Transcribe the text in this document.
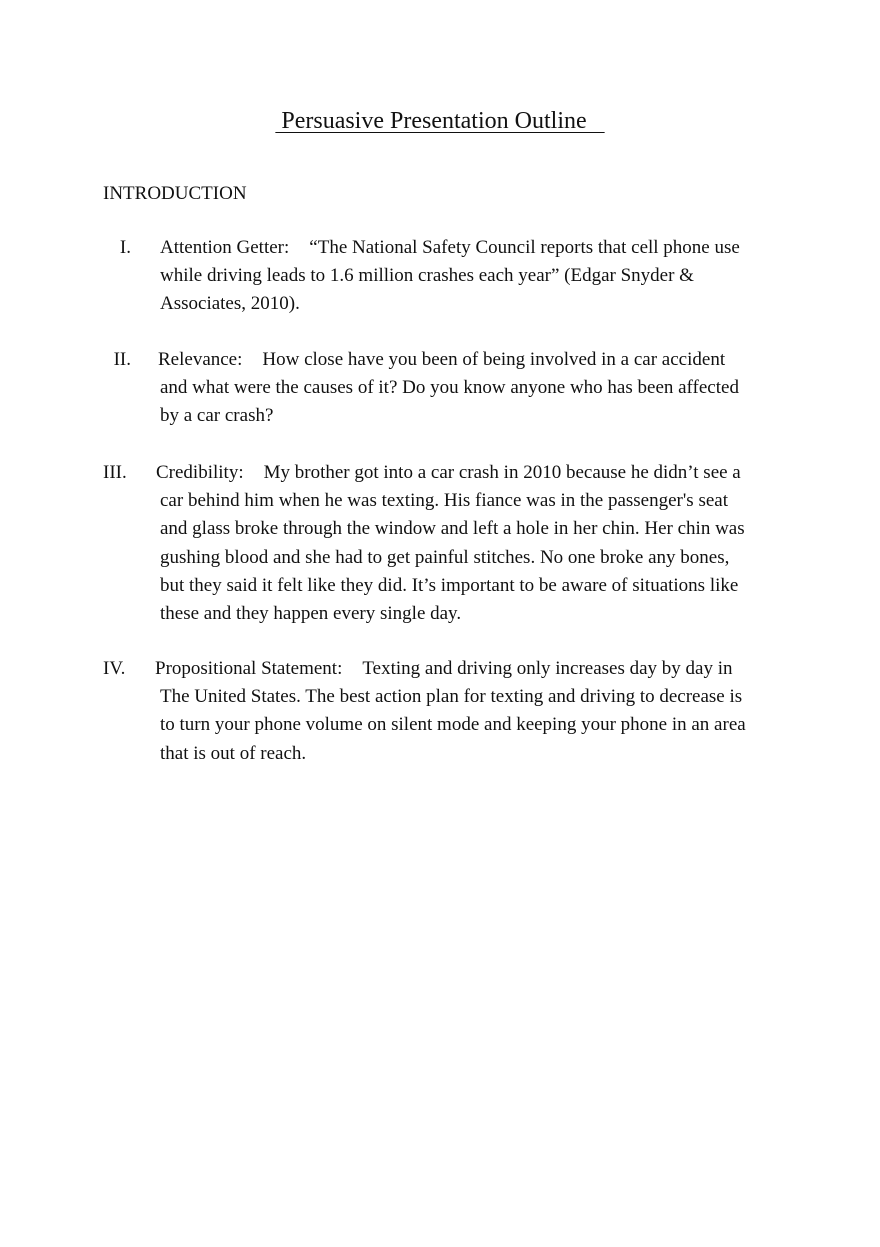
Persuasive Presentation Outline
INTRODUCTION
I.	Attention Getter: “The National Safety Council reports that cell phone use
while driving leads to 1.6 million crashes each year” (Edgar Snyder &
Associates, 2010).
II.	Relevance: How close have you been of being involved in a car accident
and what were the causes of it? Do you know anyone who has been affected
by a car crash?
III.	Credibility: My brother got into a car crash in 2010 because he didn’t see a
car behind him when he was texting. His fiance was in the passenger's seat
and glass broke through the window and left a hole in her chin. Her chin was
gushing blood and she had to get painful stitches. No one broke any bones,
but they said it felt like they did. It’s important to be aware of situations like
these and they happen every single day.
IV.	Propositional Statement: Texting and driving only increases day by day in
The United States. The best action plan for texting and driving to decrease is
to turn your phone volume on silent mode and keeping your phone in an area
that is out of reach.
